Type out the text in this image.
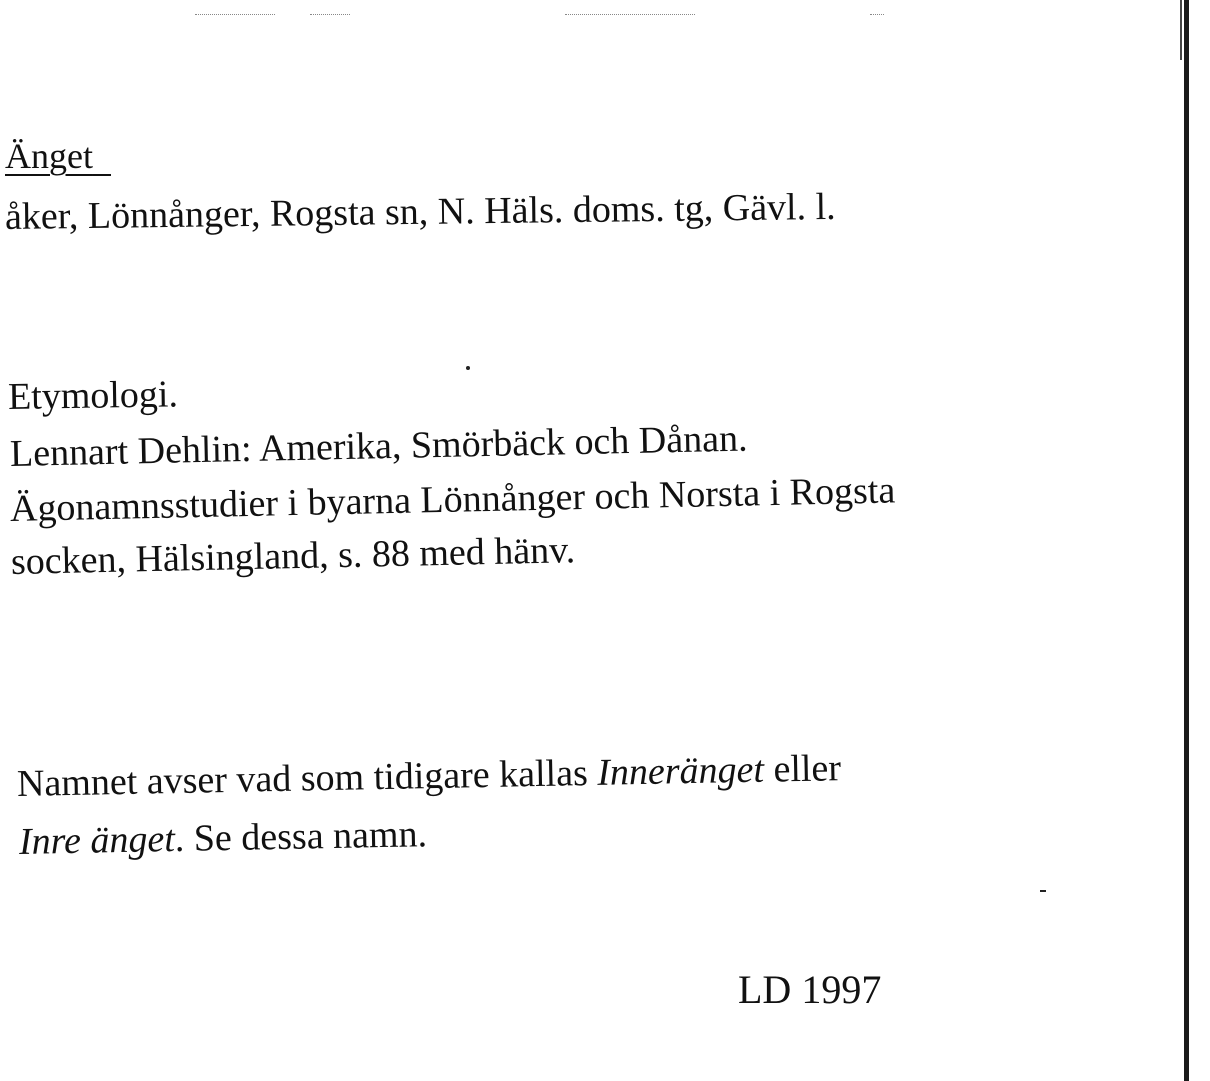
Änget
åker, Lönnånger, Rogsta sn, N. Häls. doms. tg, Gävl. l.
Etymologi.
Lennart Dehlin: Amerika, Smörbäck och Dånan.
Ägonamnsstudier i byarna Lönnånger och Norsta i Rogsta
socken, Hälsingland, s. 88 med hänv.
Namnet avser vad som tidigare kallas Inneränget eller
Inre änget. Se dessa namn.
LD 1997
